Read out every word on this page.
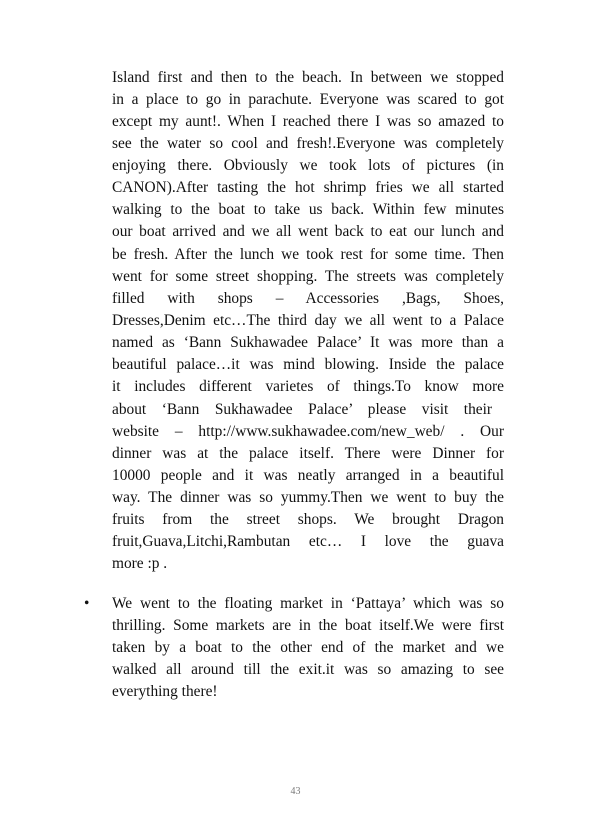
Island first and then to the beach. In between we stopped
in a place to go in parachute. Everyone was scared to got
except my aunt!. When I reached there I was so amazed to
see the water so cool and fresh!.Everyone was completely
enjoying there. Obviously we took lots of pictures (in
CANON).After tasting the hot shrimp fries we all started
walking to the boat to take us back. Within few minutes
our boat arrived and we all went back to eat our lunch and
be fresh. After the lunch we took rest for some time. Then
went for some street shopping. The streets was completely
filled with shops – Accessories ,Bags, Shoes,
Dresses,Denim etc…The third day we all went to a Palace
named as ‘Bann Sukhawadee Palace’ It was more than a
beautiful palace…it was mind blowing. Inside the palace
it includes different varietes of things.To know more
about ‘Bann Sukhawadee Palace’ please visit their
website – http://www.sukhawadee.com/new_web/ . Our
dinner was at the palace itself. There were Dinner for
10000 people and it was neatly arranged in a beautiful
way. The dinner was so yummy.Then we went to buy the
fruits from the street shops. We brought Dragon
fruit,Guava,Litchi,Rambutan etc… I love the guava
more :p .
• We went to the floating market in ‘Pattaya’ which was so
thrilling. Some markets are in the boat itself.We were first
taken by a boat to the other end of the market and we
walked all around till the exit.it was so amazing to see
everything there!
43
